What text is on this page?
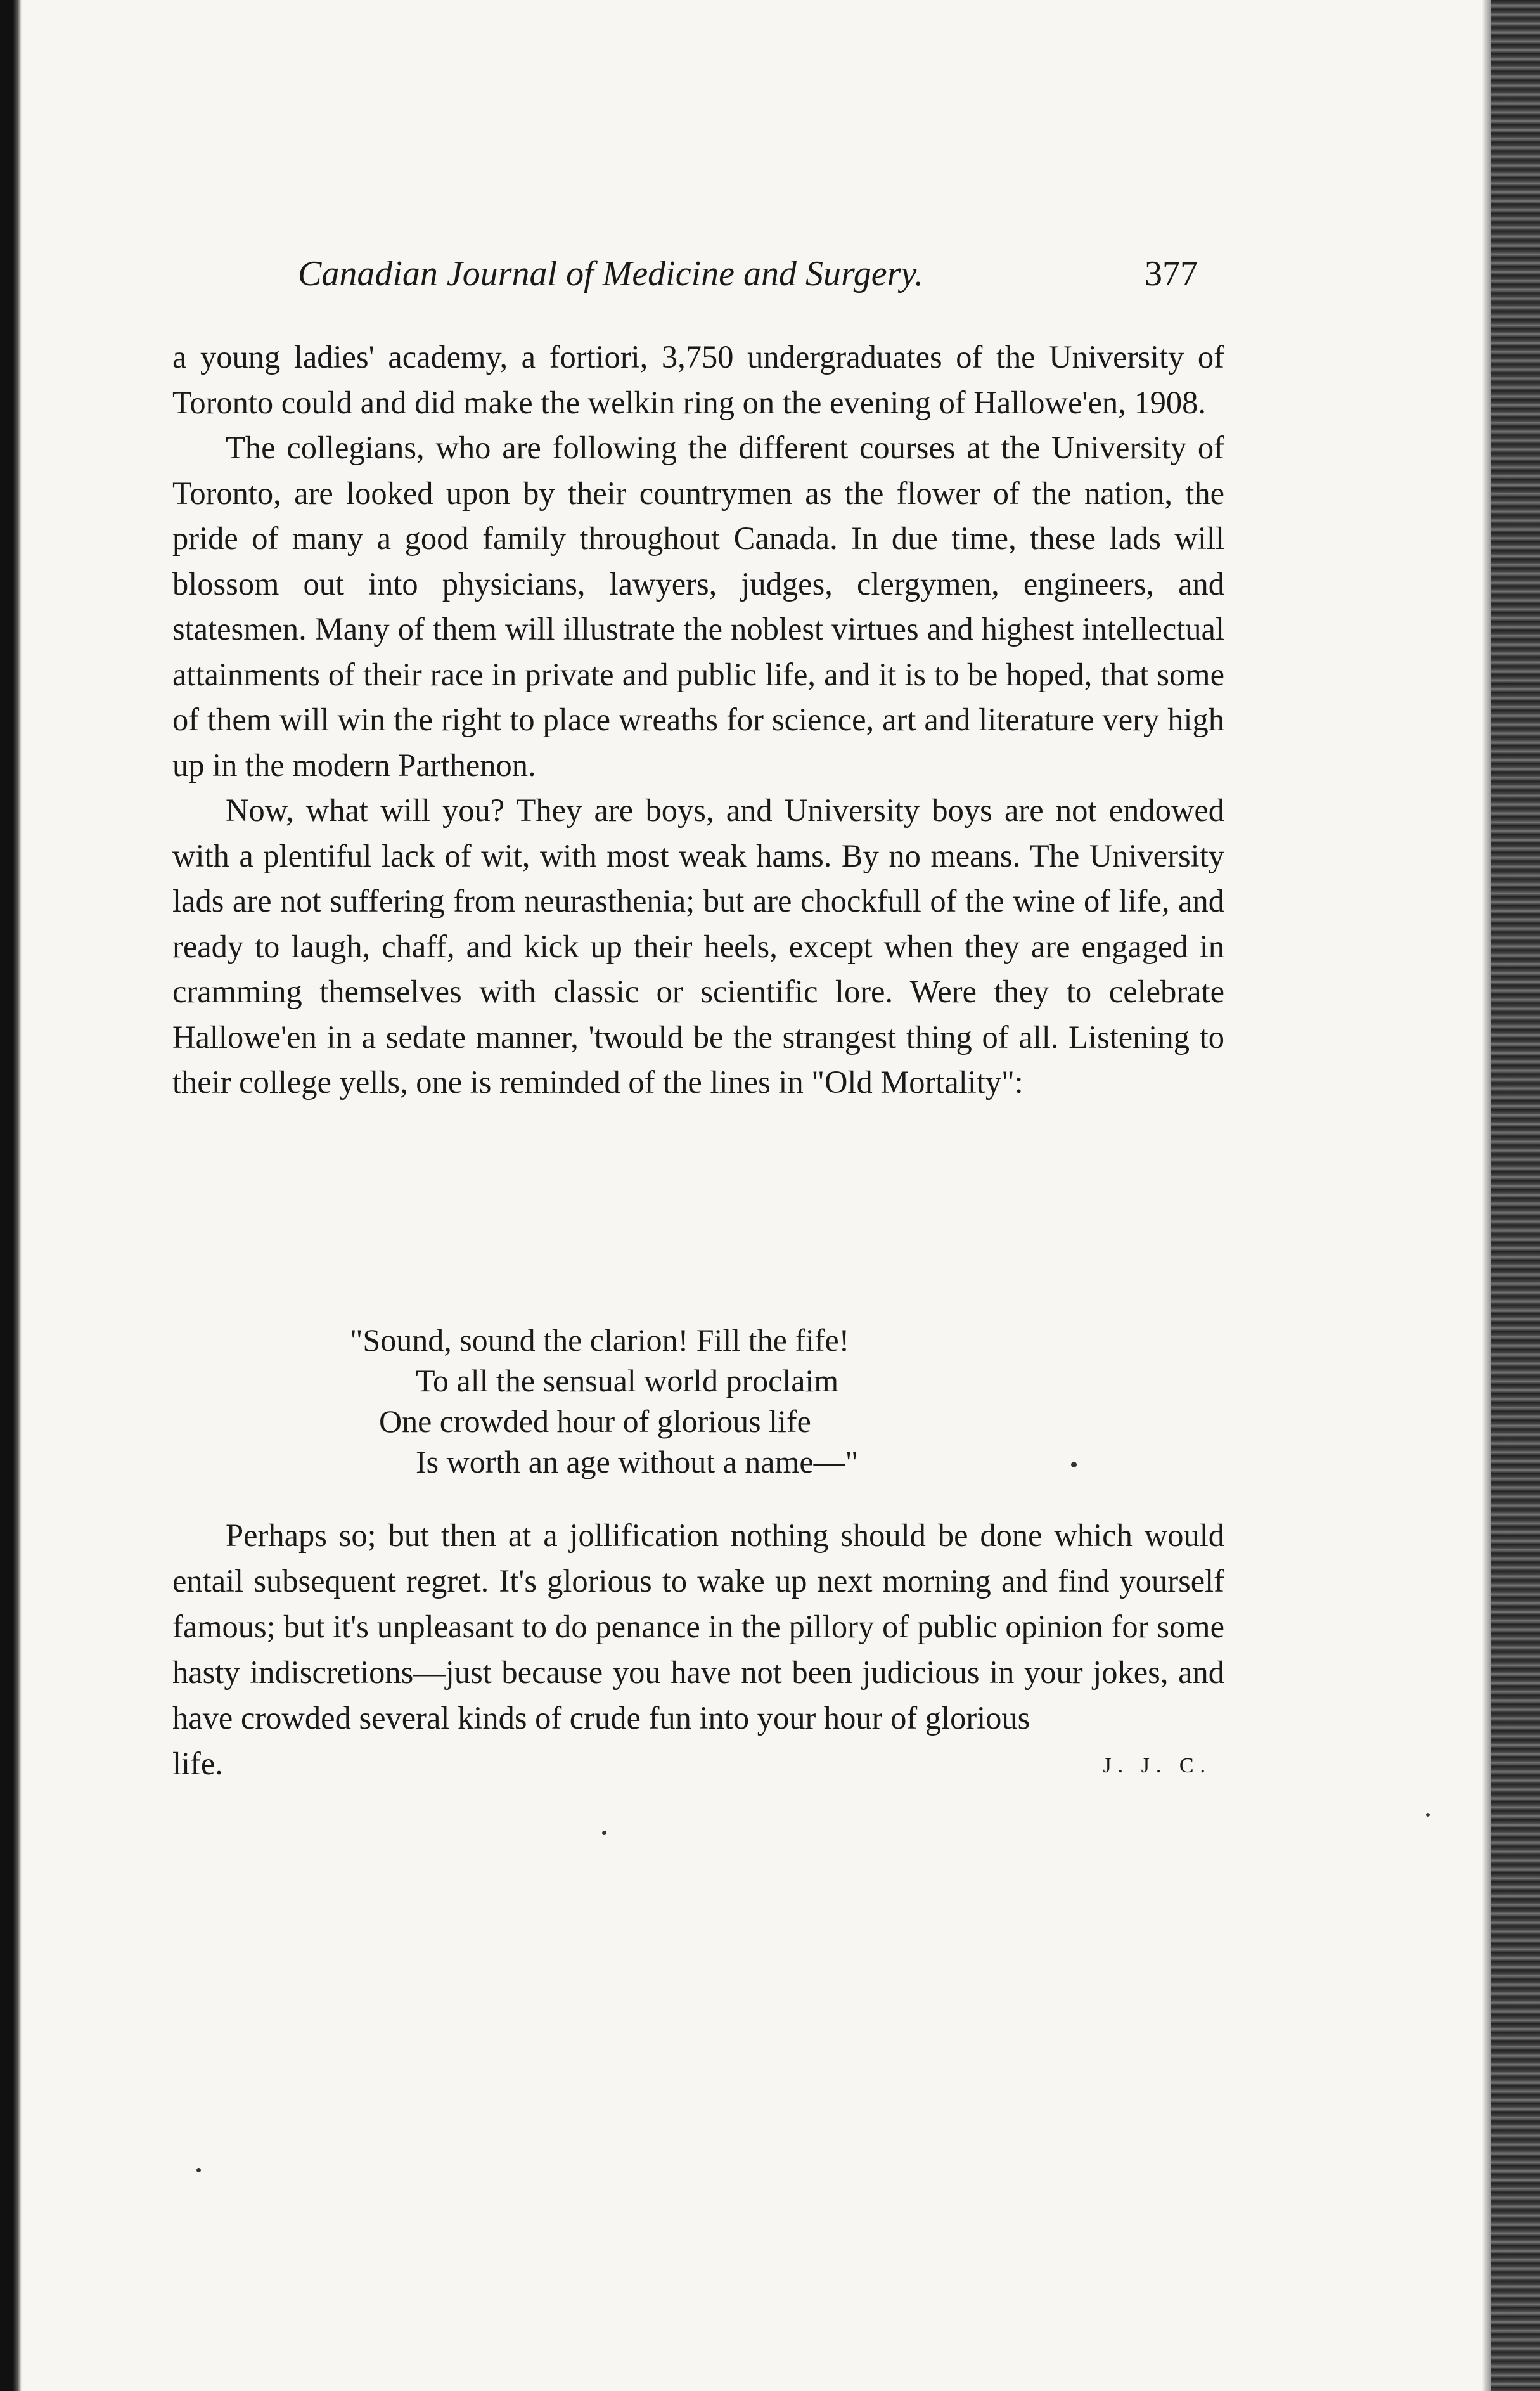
Canadian Journal of Medicine and Surgery.	377

a young ladies' academy, a fortiori, 3,750 undergraduates of the University of Toronto could and did make the welkin ring on the evening of Hallowe'en, 1908.

The collegians, who are following the different courses at the University of Toronto, are looked upon by their countrymen as the flower of the nation, the pride of many a good family throughout Canada. In due time, these lads will blossom out into physicians, lawyers, judges, clergymen, engineers, and statesmen. Many of them will illustrate the noblest virtues and highest intellectual attainments of their race in private and public life, and it is to be hoped, that some of them will win the right to place wreaths for science, art and literature very high up in the modern Parthenon.

Now, what will you? They are boys, and University boys are not endowed with a plentiful lack of wit, with most weak hams. By no means. The University lads are not suffering from neurasthenia; but are chockfull of the wine of life, and ready to laugh, chaff, and kick up their heels, except when they are engaged in cramming themselves with classic or scientific lore. Were they to celebrate Hallowe'en in a sedate manner, 'twould be the strangest thing of all. Listening to their college yells, one is reminded of the lines in "Old Mortality":

"Sound, sound the clarion! Fill the fife!
To all the sensual world proclaim
One crowded hour of glorious life
Is worth an age without a name—"

Perhaps so; but then at a jollification nothing should be done which would entail subsequent regret. It's glorious to wake up next morning and find yourself famous; but it's unpleasant to do penance in the pillory of public opinion for some hasty indiscretions—just because you have not been judicious in your jokes, and have crowded several kinds of crude fun into your hour of glorious

life.	J. J. C.
